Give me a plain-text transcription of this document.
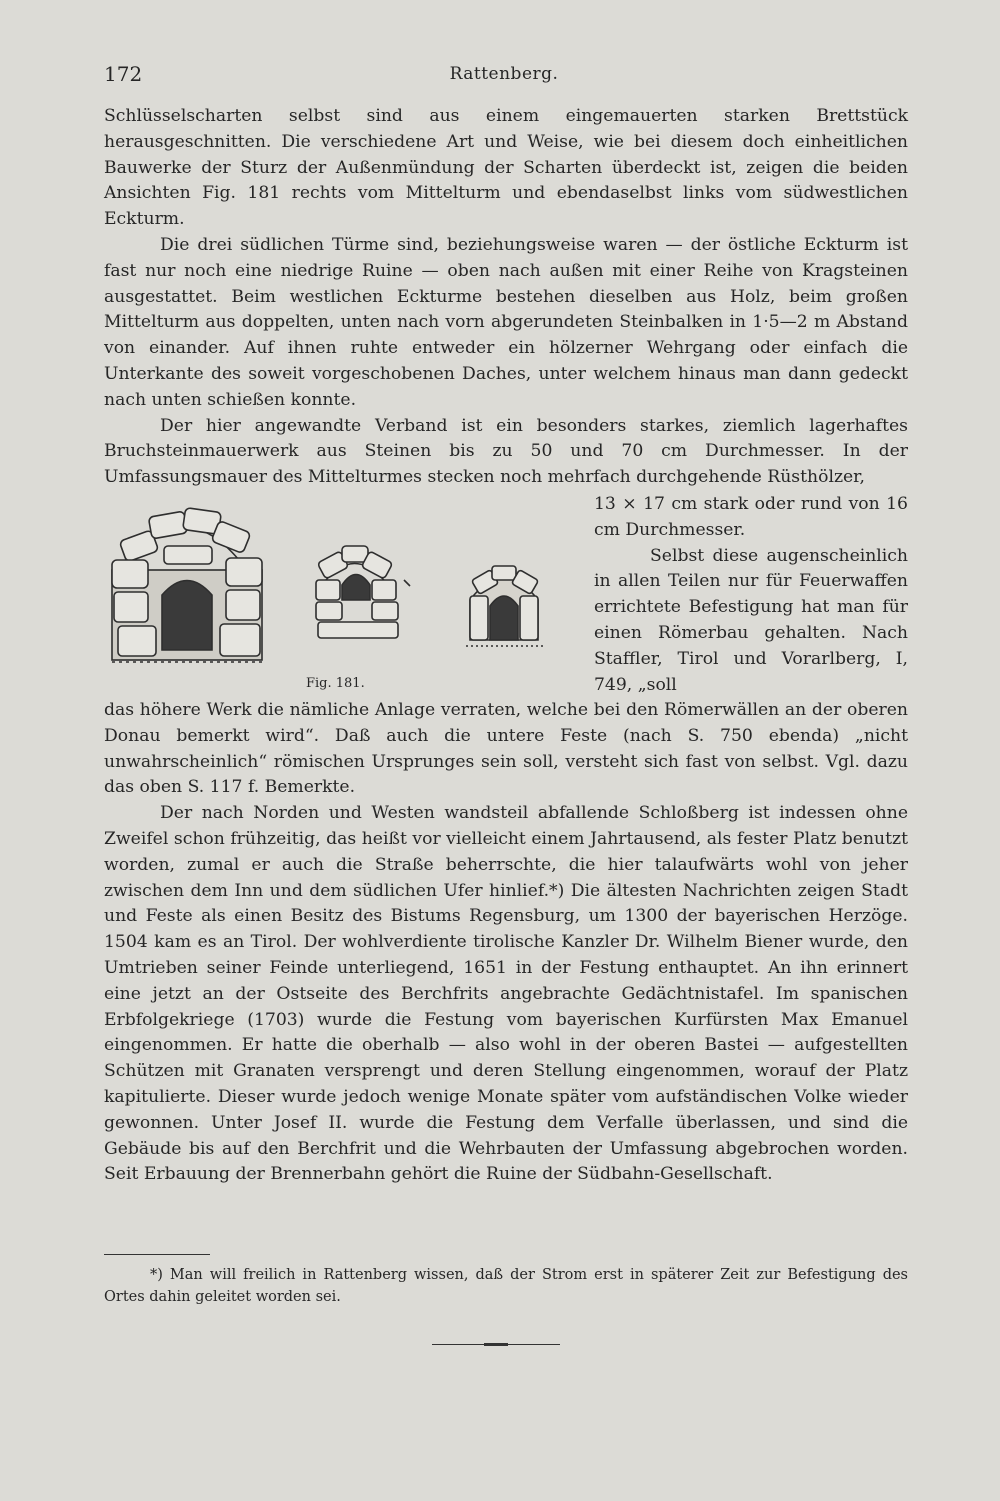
172	Rattenberg.

Schlüsselscharten selbst sind aus einem eingemauerten starken Brettstück herausgeschnitten. Die verschiedene Art und Weise, wie bei diesem doch einheitlichen Bauwerke der Sturz der Außenmündung der Scharten überdeckt ist, zeigen die beiden Ansichten Fig. 181 rechts vom Mittelturm und ebendaselbst links vom südwestlichen Eckturm.

Die drei südlichen Türme sind, beziehungsweise waren — der östliche Eckturm ist fast nur noch eine niedrige Ruine — oben nach außen mit einer Reihe von Kragsteinen ausgestattet. Beim westlichen Eckturme bestehen dieselben aus Holz, beim großen Mittelturm aus doppelten, unten nach vorn abgerundeten Steinbalken in 1·5—2 m Abstand von einander. Auf ihnen ruhte entweder ein hölzerner Wehrgang oder einfach die Unterkante des soweit vorgeschobenen Daches, unter welchem hinaus man dann gedeckt nach unten schießen konnte.

Der hier angewandte Verband ist ein besonders starkes, ziemlich lagerhaftes Bruchsteinmauerwerk aus Steinen bis zu 50 und 70 cm Durchmesser. In der Umfassungsmauer des Mittelturmes stecken noch mehrfach durchgehende Rüsthölzer,

Fig. 181.

13 × 17 cm stark oder rund von 16 cm Durchmesser.

Selbst diese augenscheinlich in allen Teilen nur für Feuerwaffen errichtete Befestigung hat man für einen Römerbau gehalten. Nach Staffler, Tirol und Vorarlberg, I, 749, „soll

das höhere Werk die nämliche Anlage verraten, welche bei den Römerwällen an der oberen Donau bemerkt wird“. Daß auch die untere Feste (nach S. 750 ebenda) „nicht unwahrscheinlich“ römischen Ursprunges sein soll, versteht sich fast von selbst. Vgl. dazu das oben S. 117 f. Bemerkte.

Der nach Norden und Westen wandsteil abfallende Schloßberg ist indessen ohne Zweifel schon frühzeitig, das heißt vor vielleicht einem Jahrtausend, als fester Platz benutzt worden, zumal er auch die Straße beherrschte, die hier talaufwärts wohl von jeher zwischen dem Inn und dem südlichen Ufer hinlief.*) Die ältesten Nachrichten zeigen Stadt und Feste als einen Besitz des Bistums Regensburg, um 1300 der bayerischen Herzöge. 1504 kam es an Tirol. Der wohlverdiente tirolische Kanzler Dr. Wilhelm Biener wurde, den Umtrieben seiner Feinde unterliegend, 1651 in der Festung enthauptet. An ihn erinnert eine jetzt an der Ostseite des Berchfrits angebrachte Gedächtnistafel. Im spanischen Erbfolgekriege (1703) wurde die Festung vom bayerischen Kurfürsten Max Emanuel eingenommen. Er hatte die oberhalb — also wohl in der oberen Bastei — aufgestellten Schützen mit Granaten versprengt und deren Stellung eingenommen, worauf der Platz kapitulierte. Dieser wurde jedoch wenige Monate später vom aufständischen Volke wieder gewonnen. Unter Josef II. wurde die Festung dem Verfalle überlassen, und sind die Gebäude bis auf den Berchfrit und die Wehrbauten der Umfassung abgebrochen worden. Seit Erbauung der Brennerbahn gehört die Ruine der Südbahn-Gesellschaft.

*) Man will freilich in Rattenberg wissen, daß der Strom erst in späterer Zeit zur Befestigung des Ortes dahin geleitet worden sei.
